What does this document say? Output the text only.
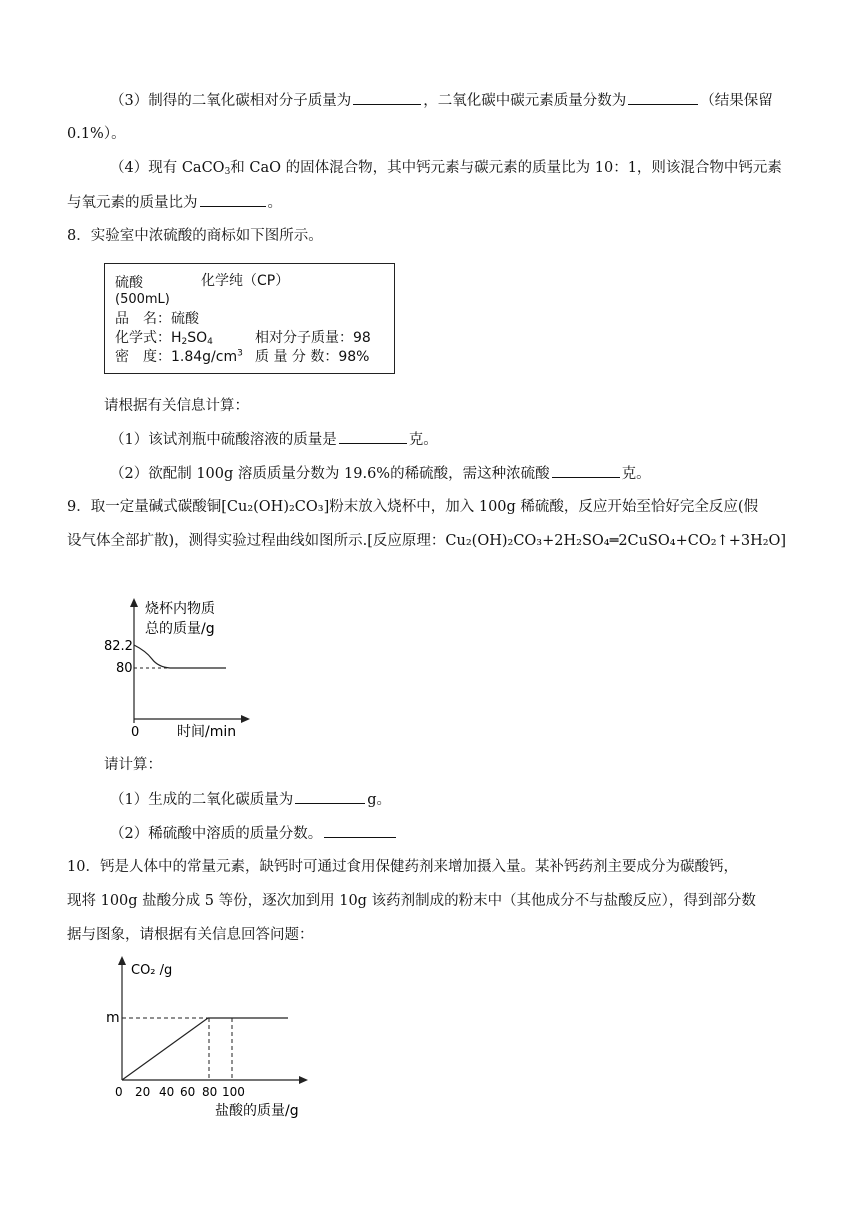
（3）制得的二氧化碳相对分子质量为	，二氧化碳中碳元素质量分数为	（结果保留
0.1%）。
（4）现有 CaCO$_3$和 CaO 的固体混合物，其中钙元素与碳元素的质量比为 10：1，则该混合物中钙元素
与氧元素的质量比为	。
8．实验室中浓硫酸的商标如下图所示。
硫酸	化学纯（CP）
(500mL)
品　名：硫酸
化学式：$H_2SO_4$	相对分子质量：98
密　度：$1.84g/cm^3$ 质 量 分 数：98%
请根据有关信息计算：
（1）该试剂瓶中硫酸溶液的质量是	克。
（2）欲配制 100g 溶质质量分数为 19.6%的稀硫酸，需这种浓硫酸	克。
9．取一定量碱式碳酸铜[Cu₂(OH)₂CO₃]粉末放入烧杯中，加入 100g 稀硫酸，反应开始至恰好完全反应(假
设气体全部扩散)，测得实验过程曲线如图所示.[反应原理：Cu₂(OH)₂CO₃+2H₂SO₄═2CuSO₄+CO₂↑+3H₂O]
烧杯内物质
总的质量/g
82.2
80
0	时间/min
请计算：
（1）生成的二氧化碳质量为	g。
（2）稀硫酸中溶质的质量分数。
10．钙是人体中的常量元素，缺钙时可通过食用保健药剂来增加摄入量。某补钙药剂主要成分为碳酸钙，
现将 100g 盐酸分成 5 等份，逐次加到用 10g 该药剂制成的粉末中（其他成分不与盐酸反应），得到部分数
据与图象，请根据有关信息回答问题：
CO₂ /g
m
0 20 40 60 80 100
盐酸的质量/g
